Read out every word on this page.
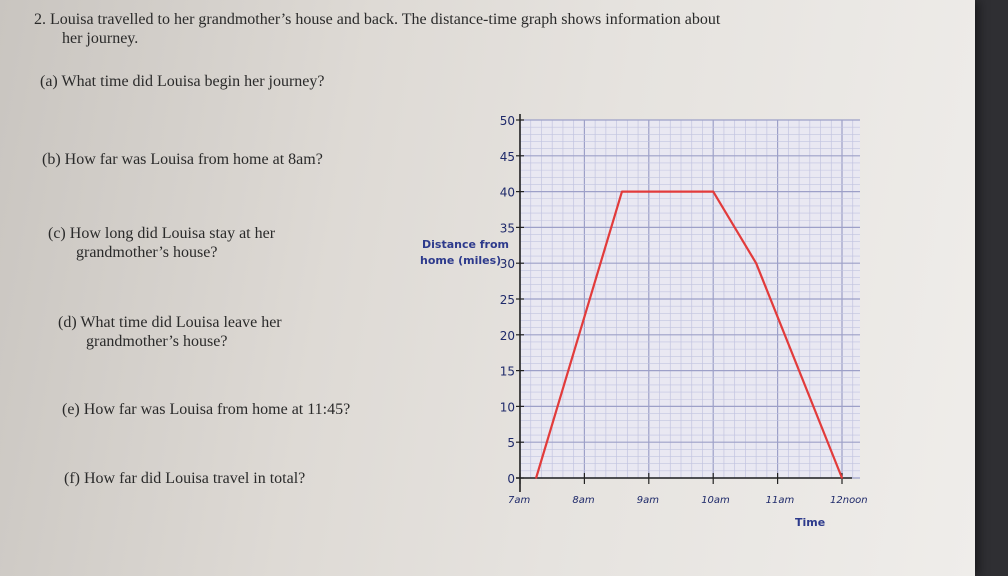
2. Louisa travelled to her grandmother’s house and back. The distance-time graph shows information about
her journey.
(a) What time did Louisa begin her journey?
(b) How far was Louisa from home at 8am?
(c) How long did Louisa stay at her
grandmother’s house?
(d) What time did Louisa leave her
grandmother’s house?
(e) How far was Louisa from home at 11:45?
(f) How far did Louisa travel in total?
Distance from
home (miles)
Time
0
5
10
15
20
25
30
35
40
45
50
7am	8am	9am	10am	11am	12noon
